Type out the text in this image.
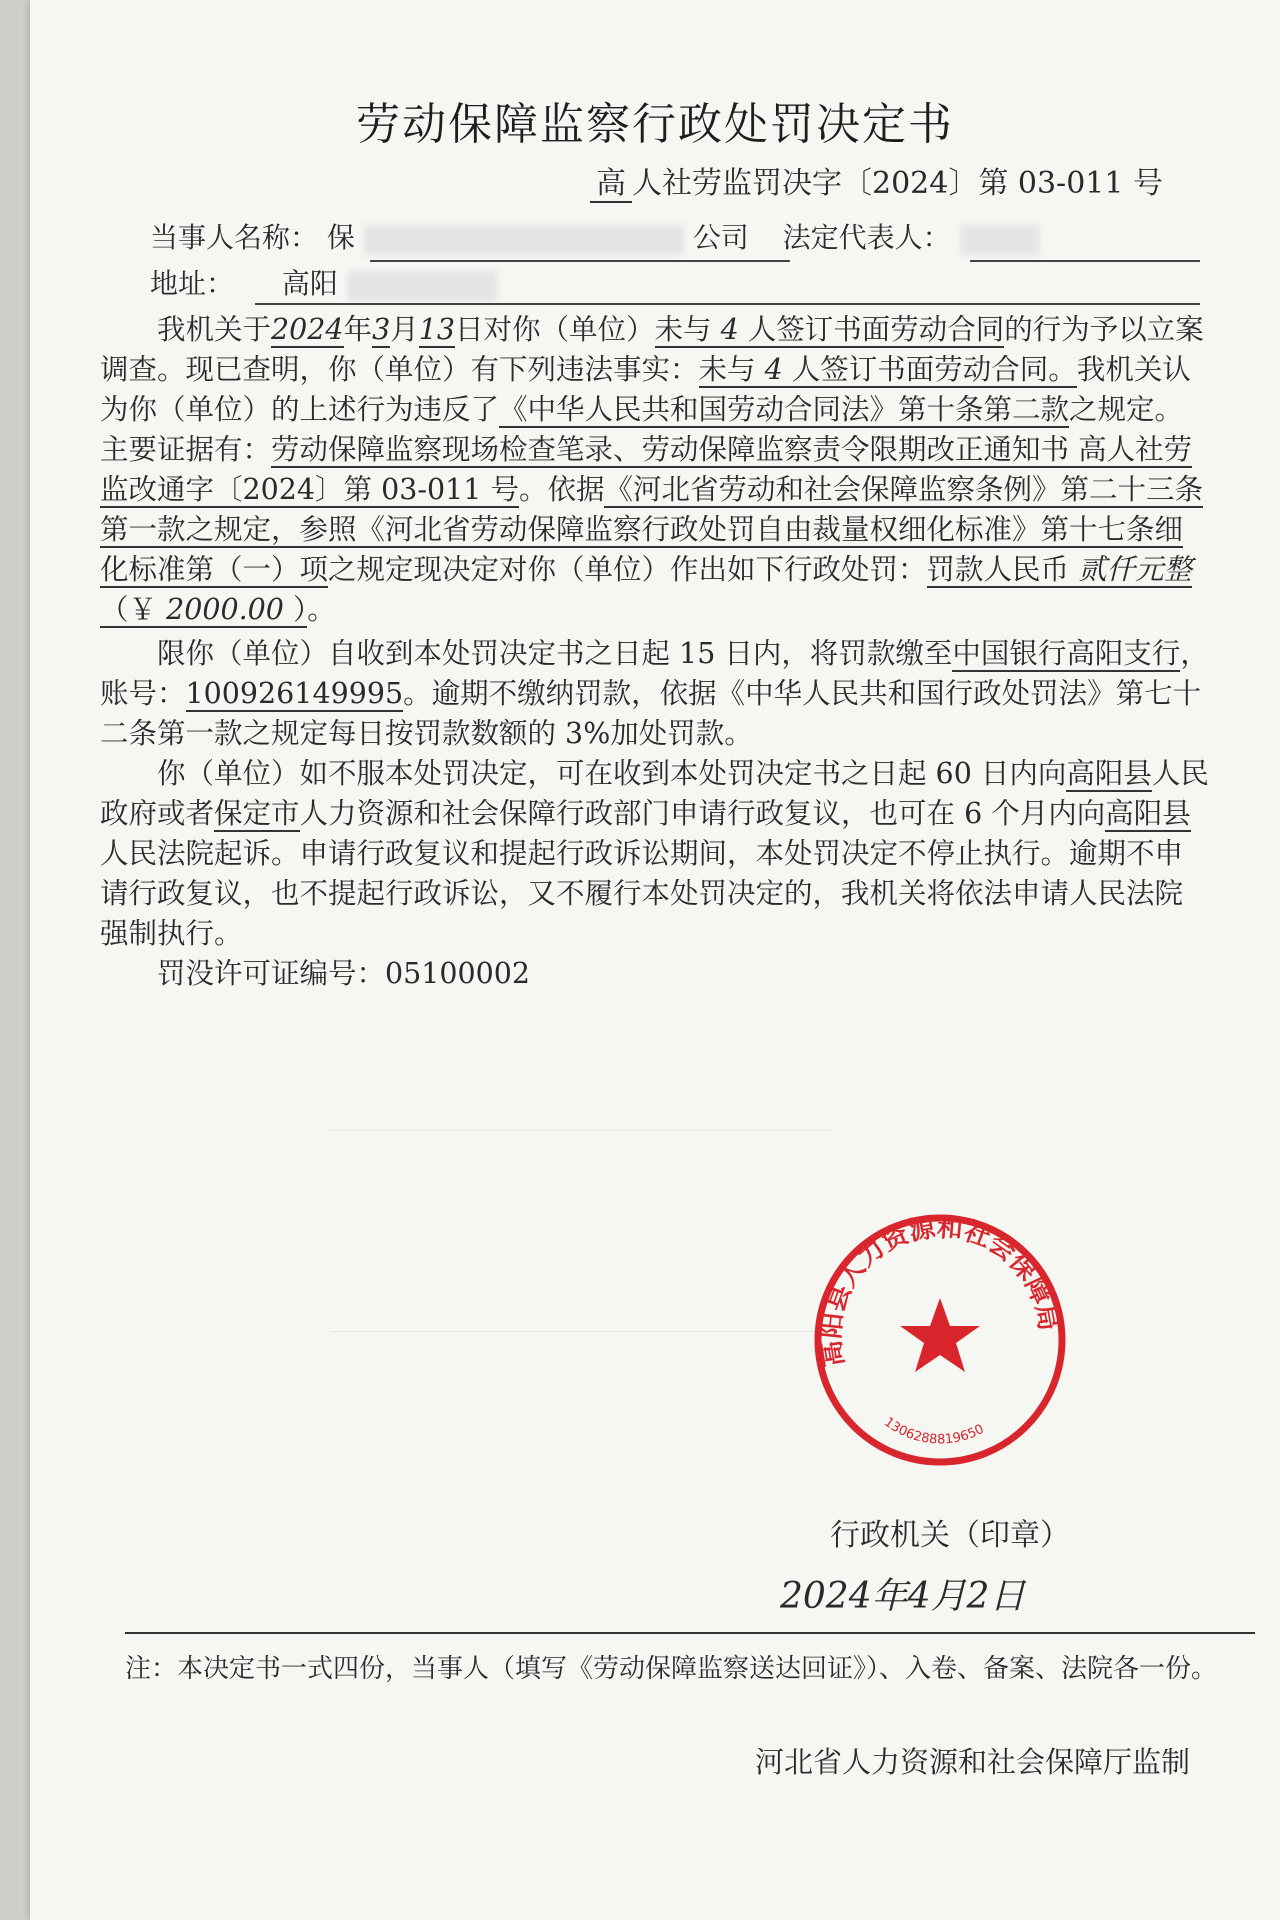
劳动保障监察行政处罚决定书
高 人社劳监罚决字〔2024〕第 03-011 号
当事人名称： 保	公司 法定代表人：
地址： 高阳

我机关于2024年3月13日对你（单位）未与 4 人签订书面劳动合同的行为予以立案调查。现已查明，你（单位）有下列违法事实：未与 4 人签订书面劳动合同。我机关认为你（单位）的上述行为违反了《中华人民共和国劳动合同法》第十条第二款之规定。主要证据有：劳动保障监察现场检查笔录、劳动保障监察责令限期改正通知书 高人社劳监改通字〔2024〕第 03-011 号。依据《河北省劳动和社会保障监察条例》第二十三条第一款之规定，参照《河北省劳动保障监察行政处罚自由裁量权细化标准》第十七条细化标准第（一）项之规定现决定对你（单位）作出如下行政处罚：罚款人民币 贰仟元整

（￥ 2000.00 ）。

限你（单位）自收到本处罚决定书之日起 15 日内，将罚款缴至中国银行高阳支行，账号：100926149995。逾期不缴纳罚款，依据《中华人民共和国行政处罚法》第七十二条第一款之规定每日按罚款数额的 3%加处罚款。

你（单位）如不服本处罚决定，可在收到本处罚决定书之日起 60 日内向高阳县人民政府或者保定市人力资源和社会保障行政部门申请行政复议，也可在 6 个月内向高阳县人民法院起诉。申请行政复议和提起行政诉讼期间，本处罚决定不停止执行。逾期不申请行政复议，也不提起行政诉讼，又不履行本处罚决定的，我机关将依法申请人民法院强制执行。

罚没许可证编号：05100002

高阳县人力资源和社会保障局
1306288819650
行政机关（印章）
2024年4月2日
注：本决定书一式四份，当事人（填写《劳动保障监察送达回证》）、入卷、备案、法院各一份。
河北省人力资源和社会保障厅监制
